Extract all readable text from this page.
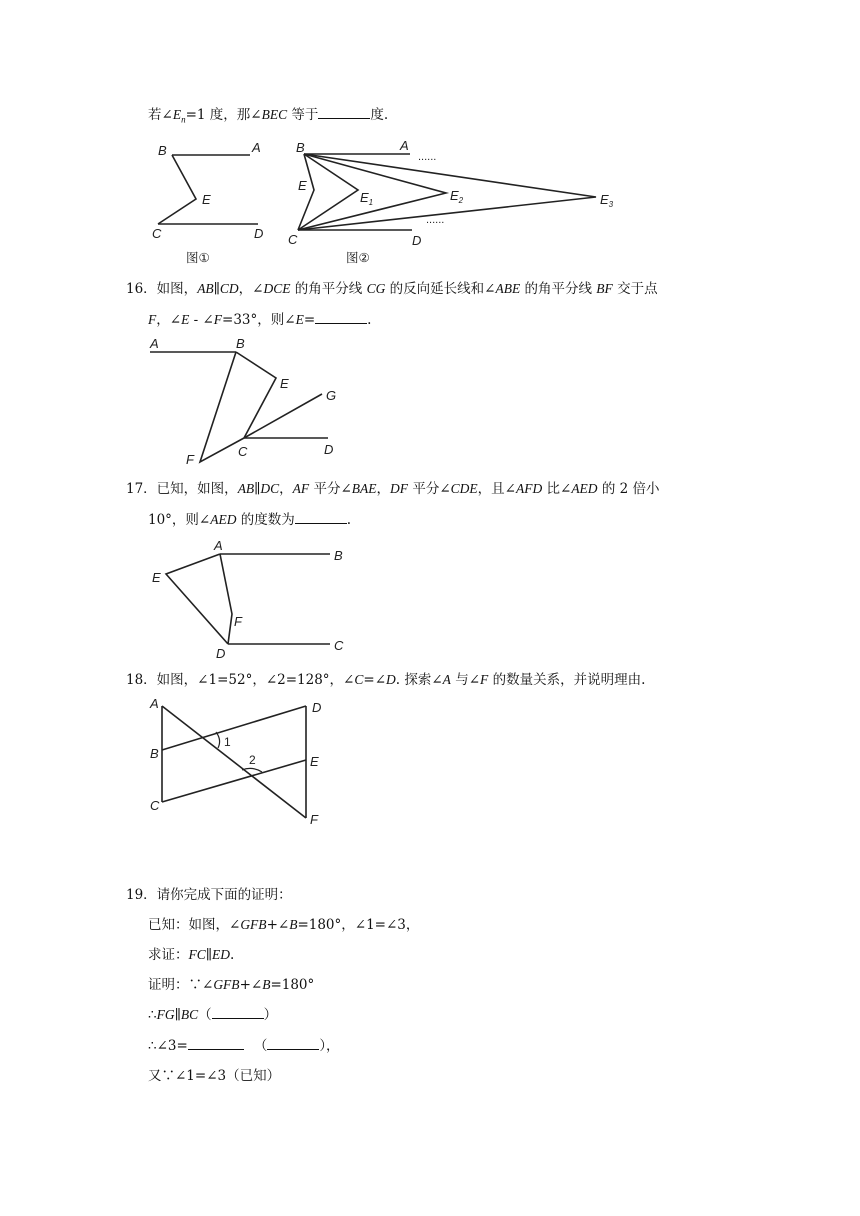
若$\angle E_n=1$ 度，那∠BEC 等于	度.
B	A
E
C	D
图①
B	A
......
E
$E_1$	$E_2$	$E_3$
......
C	D
图②
16．如图，AB∥CD，∠DCE 的角平分线 CG 的反向延长线和∠ABE 的角平分线 BF 交于点
F，∠E - ∠F=33°，则∠E=	.
A	B
E
G
C	D
F
17．已知，如图，AB∥DC，AF 平分∠BAE，DF 平分∠CDE，且∠AFD 比∠AED 的 2 倍小
10°，则∠AED 的度数为	.
A
B
E
F
D
C
18．如图，∠1=52°，∠2=128°，∠C=∠D. 探索∠A 与∠F 的数量关系，并说明理由.
A
B
C
D
E
F
1
2
19．请你完成下面的证明：
已知：如图，∠GFB+∠B=180°，∠1=∠3，
求证：FC∥ED.
证明：∵∠GFB+∠B=180°
∴FG∥BC（	）
∴∠3=	（	），
又∵∠1=∠3（已知）
